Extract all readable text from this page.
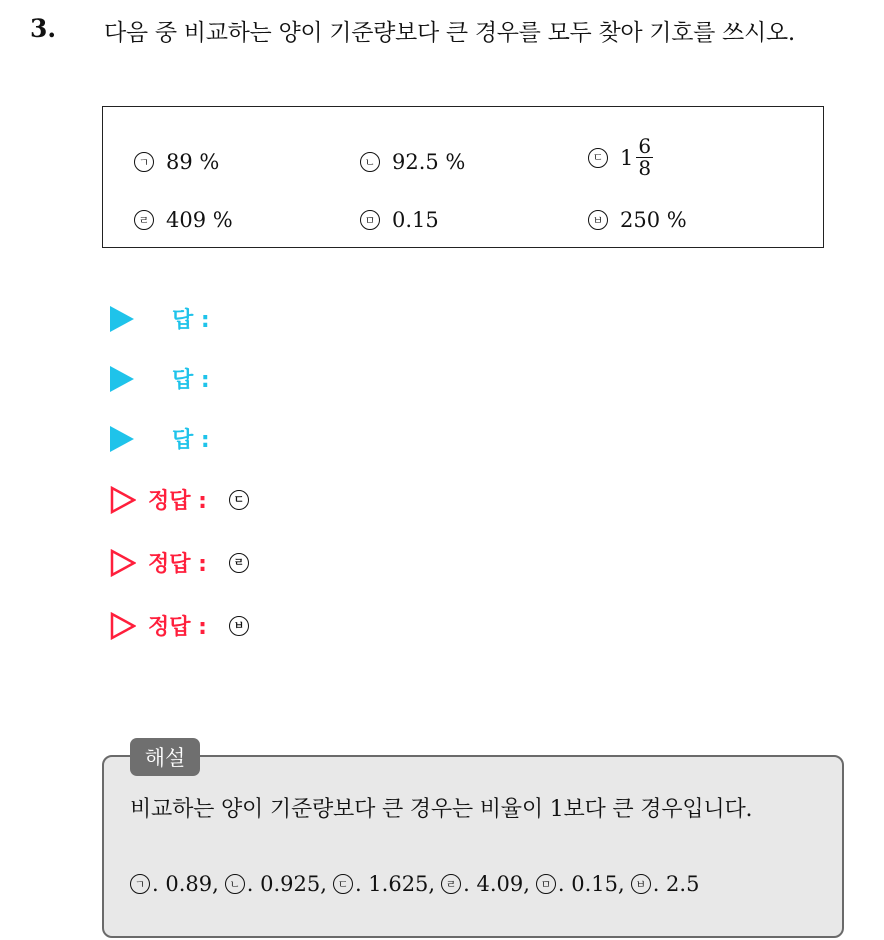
3. 다음 중 비교하는 양이 기준량보다 큰 경우를 모두 찾아 기호를 쓰시오.
ㄱ 89 %	ㄴ 92.5 %	ㄷ $1 \frac{6}{8}$
ㄹ 409 %	ㅁ 0.15	ㅂ 250 %
답 :
답 :
답 :
정답 :	ㄷ
정답 :	ㄹ
정답 :	ㅂ
해설
비교하는 양이 기준량보다 큰 경우는 비율이 1보다 큰 경우입니다.
ㄱ . 0.89, ㄴ . 0.925, ㄷ . 1.625, ㄹ . 4.09, ㅁ . 0.15, ㅂ . 2.5
